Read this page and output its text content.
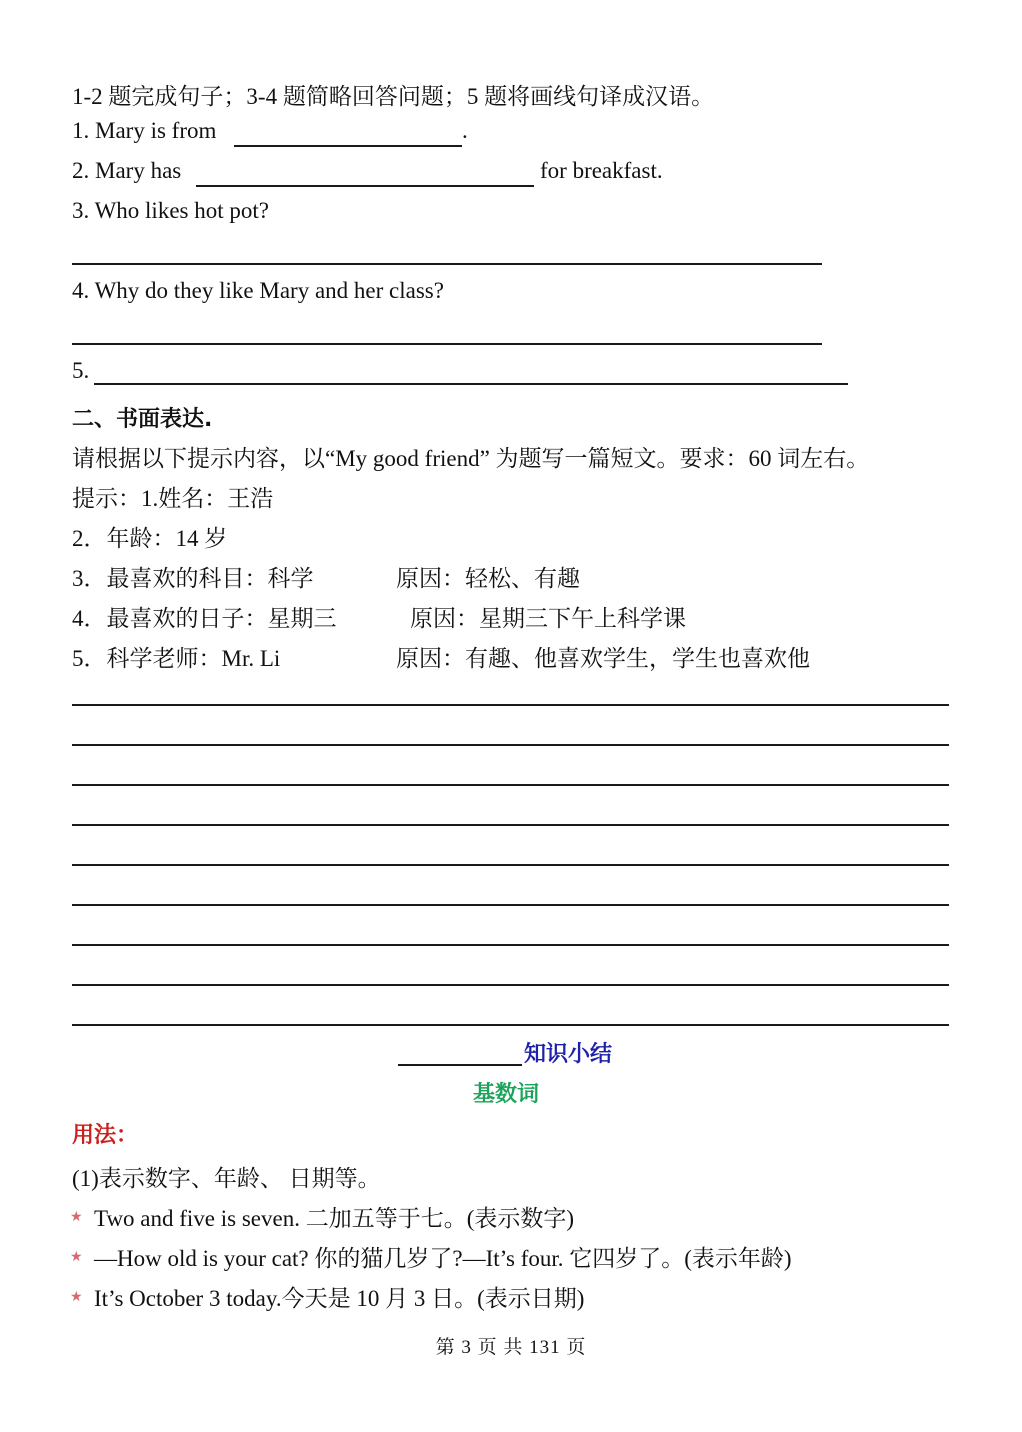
1-2 题完成句子；3-4 题简略回答问题；5 题将画线句译成汉语。
1. Mary is from	.
2. Mary has	for breakfast.
3. Who likes hot pot?
4. Why do they like Mary and her class?
5.
二、书面表达.
请根据以下提示内容，以“My good friend” 为题写一篇短文。要求：60 词左右。
提示：1.姓名：王浩
2．年龄：14 岁
3．最喜欢的科目：科学	原因：轻松、有趣
4．最喜欢的日子：星期三	原因：星期三下午上科学课
5．科学老师：Mr. Li	原因：有趣、他喜欢学生，学生也喜欢他
知识小结
基数词
用法：
(1)表示数字、年龄、 日期等。
★ Two and five is seven. 二加五等于七。(表示数字)
★ —How old is your cat? 你的猫几岁了?—It’s four. 它四岁了。(表示年龄)
★ It’s October 3 today.今天是 10 月 3 日。(表示日期)
第 3 页 共 131 页
